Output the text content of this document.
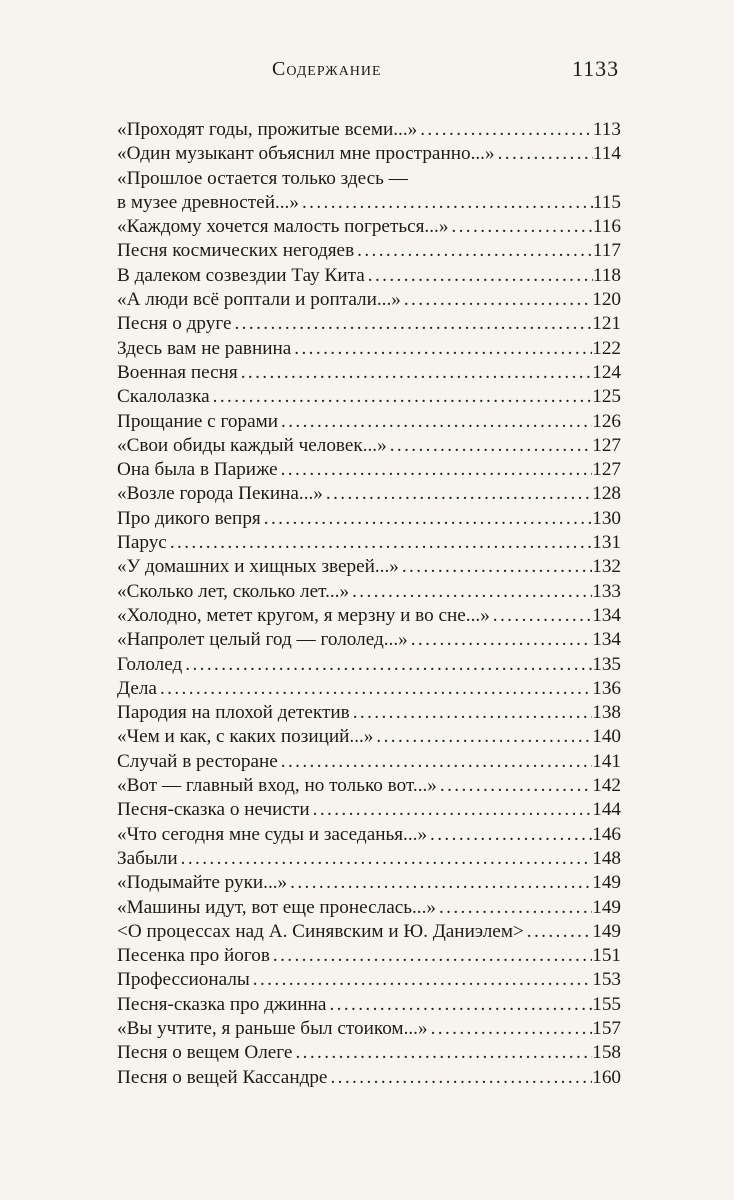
Содержание	1133
«Проходят годы, прожитые всеми...» . . .	113
«Один музыкант объяснил мне пространно...» . . .	114
«Прошлое остается только здесь —
в музее древностей...» . . .	115
«Каждому хочется малость погреться...» . . .	116
Песня космических негодяев . . .	117
В далеком созвездии Тау Кита . . .	118
«А люди всё роптали и роптали...» . . .	120
Песня о друге . . .	121
Здесь вам не равнина . . .	122
Военная песня . . .	124
Скалолазка . . .	125
Прощание с горами . . .	126
«Свои обиды каждый человек...» . . .	127
Она была в Париже . . .	127
«Возле города Пекина...» . . .	128
Про дикого вепря . . .	130
Парус . . .	131
«У домашних и хищных зверей...» . . .	132
«Сколько лет, сколько лет...» . . .	133
«Холодно, метет кругом, я мерзну и во сне...» . . .	134
«Напролет целый год — гололед...» . . .	134
Гололед . . .	135
Дела . . .	136
Пародия на плохой детектив . . .	138
«Чем и как, с каких позиций...» . . .	140
Случай в ресторане . . .	141
«Вот — главный вход, но только вот...» . . .	142
Песня-сказка о нечисти . . .	144
«Что сегодня мне суды и заседанья...» . . .	146
Забыли . . .	148
«Подымайте руки...» . . .	149
«Машины идут, вот еще пронеслась...» . . .	149
<О процессах над А. Синявским и Ю. Даниэлем> . . .	149
Песенка про йогов . . .	151
Профессионалы . . .	153
Песня-сказка про джинна . . .	155
«Вы учтите, я раньше был стоиком...» . . .	157
Песня о вещем Олеге . . .	158
Песня о вещей Кассандре . . .	160
